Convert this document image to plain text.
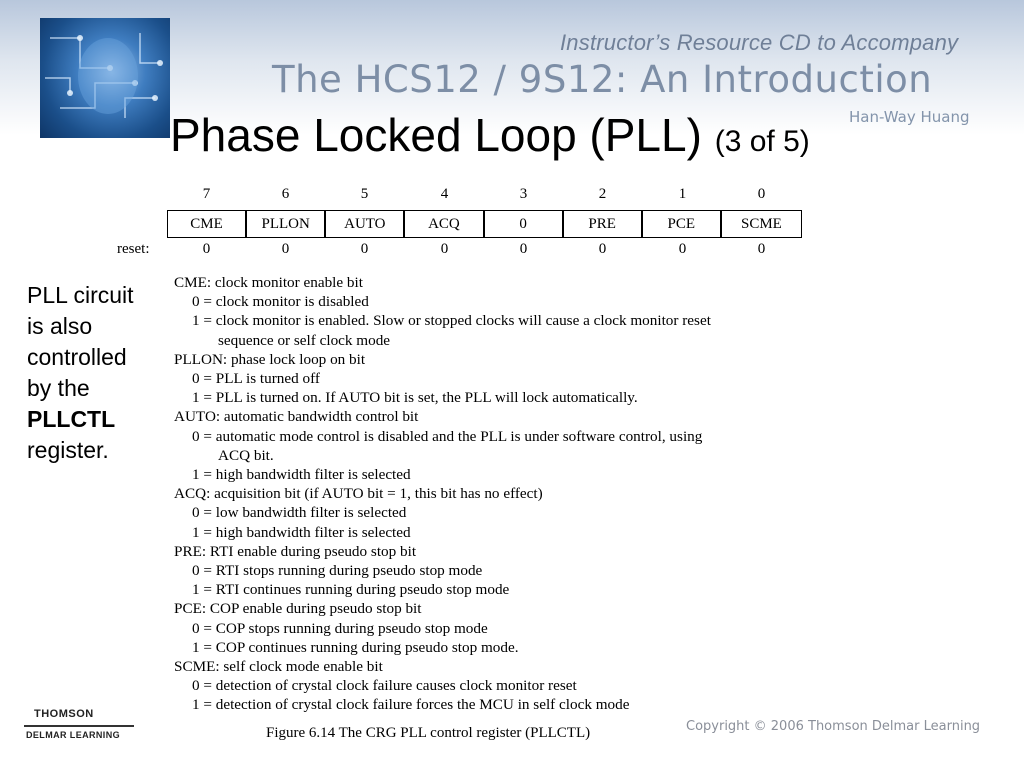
Instructor’s Resource CD to Accompany
The HCS12 / 9S12: An Introduction
Han-Way Huang
Phase Locked Loop (PLL) (3 of 5)
PLL circuit
is also
controlled
by the
PLLCTL
register.
7	6	5	4	3	2	1	0
CME	PLLON	AUTO	ACQ	0	PRE	PCE	SCME
reset:	0	0	0	0	0	0	0	0
CME: clock monitor enable bit
0 = clock monitor is disabled
1 = clock monitor is enabled. Slow or stopped clocks will cause a clock monitor reset
sequence or self clock mode
PLLON: phase lock loop on bit
0 = PLL is turned off
1 = PLL is turned on. If AUTO bit is set, the PLL will lock automatically.
AUTO: automatic bandwidth control bit
0 = automatic mode control is disabled and the PLL is under software control, using
ACQ bit.
1 = high bandwidth filter is selected
ACQ: acquisition bit (if AUTO bit = 1, this bit has no effect)
0 = low bandwidth filter is selected
1 = high bandwidth filter is selected
PRE: RTI enable during pseudo stop bit
0 = RTI stops running during pseudo stop mode
1 = RTI continues running during pseudo stop mode
PCE: COP enable during pseudo stop bit
0 = COP stops running during pseudo stop mode
1 = COP continues running during pseudo stop mode.
SCME: self clock mode enable bit
0 = detection of crystal clock failure causes clock monitor reset
1 = detection of crystal clock failure forces the MCU in self clock mode
Figure 6.14 The CRG PLL control register (PLLCTL)
THOMSON
DELMAR LEARNING
Copyright © 2006 Thomson Delmar Learning
